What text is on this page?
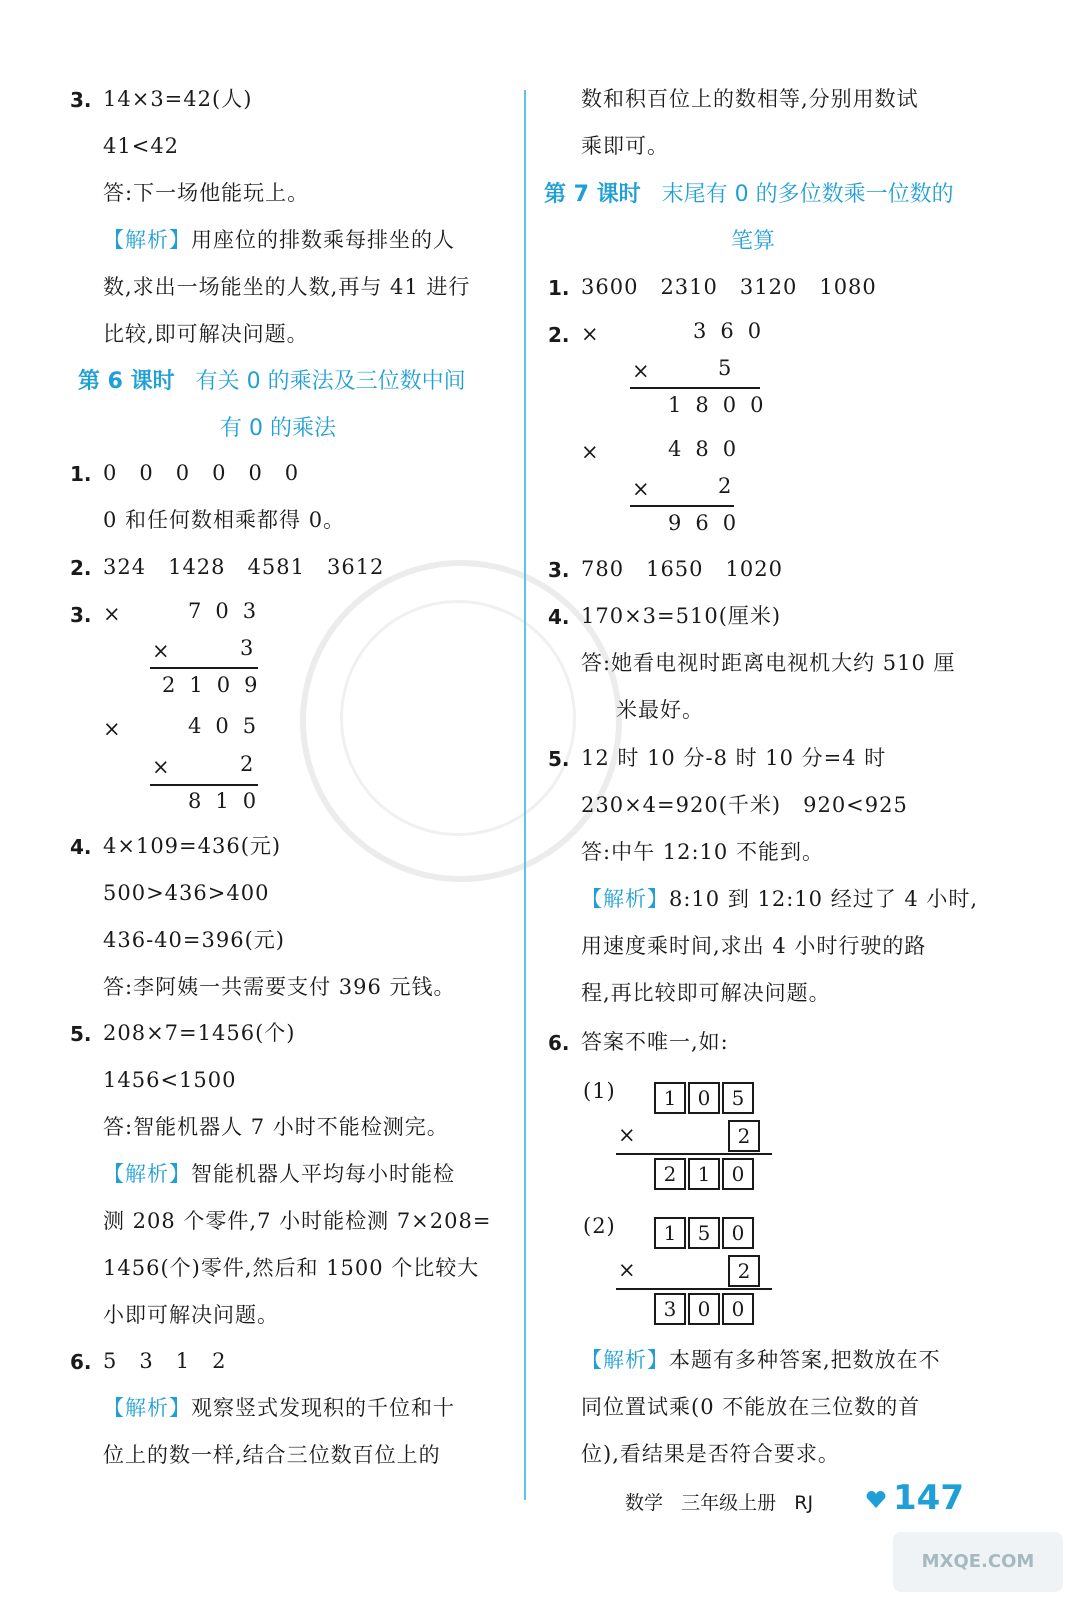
3. 14×3=42(人)
41<42
答:下一场他能玩上。
【解析】用座位的排数乘每排坐的人
数,求出一场能坐的人数,再与 41 进行
比较,即可解决问题。
第 6 课时 有关 0 的乘法及三位数中间
有 0 的乘法
1. 0　0　0　0　0　0
0 和任何数相乘都得 0。
2. 324　1428　4581　3612
3. ×	703
×	3
2109
×	405
×	2
810
4. 4×109=436(元)
500>436>400
436-40=396(元)
答:李阿姨一共需要支付 396 元钱。
5. 208×7=1456(个)
1456<1500
答:智能机器人 7 小时不能检测完。
【解析】智能机器人平均每小时能检
测 208 个零件,7 小时能检测 7×208=
1456(个)零件,然后和 1500 个比较大
小即可解决问题。
6. 5　3　1　2
【解析】观察竖式发现积的千位和十
位上的数一样,结合三位数百位上的
数和积百位上的数相等,分别用数试
乘即可。
第 7 课时 末尾有 0 的多位数乘一位数的
笔算
1. 3600　2310　3120　1080
2. ×	360
×	5
1800
×	480
×	2
960
3. 780　1650　1020
4. 170×3=510(厘米)
答:她看电视时距离电视机大约 510 厘
米最好。
5. 12 时 10 分-8 时 10 分=4 时
230×4=920(千米)　920<925
答:中午 12:10 不能到。
【解析】8:10 到 12:10 经过了 4 小时,
用速度乘时间,求出 4 小时行驶的路
程,再比较即可解决问题。
6. 答案不唯一,如:
(1)	1 0 5
×	2
2 1 0
(2)	1 5 0
×	2
3 0 0
【解析】本题有多种答案,把数放在不
同位置试乘(0 不能放在三位数的首
位),看结果是否符合要求。
数学 三年级上册 RJ 147
MXQE.COM
